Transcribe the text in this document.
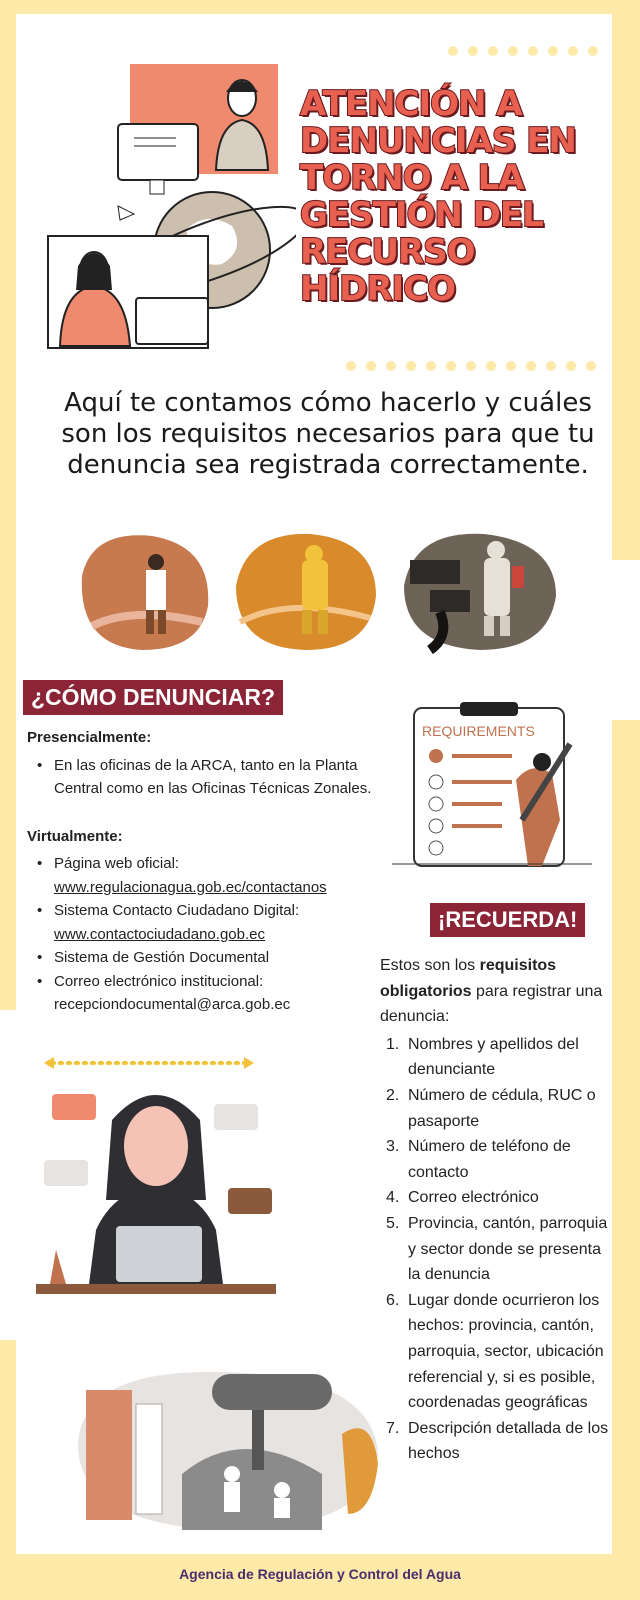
ATENCIÓN A
DENUNCIAS EN
TORNO A LA
GESTIÓN DEL
RECURSO
HÍDRICO
Aquí te contamos cómo hacerlo y cuáles son los requisitos necesarios para que tu denuncia sea registrada correctamente.
¿CÓMO DENUNCIAR?
Presencialmente:
• En las oficinas de la ARCA, tanto en la Planta Central como en las Oficinas Técnicas Zonales.
Virtualmente:
• Página web oficial:
www.regulacionagua.gob.ec/contactanos
• Sistema Contacto Ciudadano Digital:
www.contactociudadano.gob.ec
• Sistema de Gestión Documental
• Correo electrónico institucional:
recepciondocumental@arca.gob.ec
REQUIREMENTS
¡RECUERDA!
Estos son los requisitos obligatorios para registrar una denuncia:
1. Nombres y apellidos del denunciante
2. Número de cédula, RUC o pasaporte
3. Número de teléfono de contacto
4. Correo electrónico
5. Provincia, cantón, parroquia y sector donde se presenta la denuncia
6. Lugar donde ocurrieron los hechos: provincia, cantón, parroquia, sector, ubicación referencial y, si es posible, coordenadas geográficas
7. Descripción detallada de los hechos
Agencia de Regulación y Control del Agua
